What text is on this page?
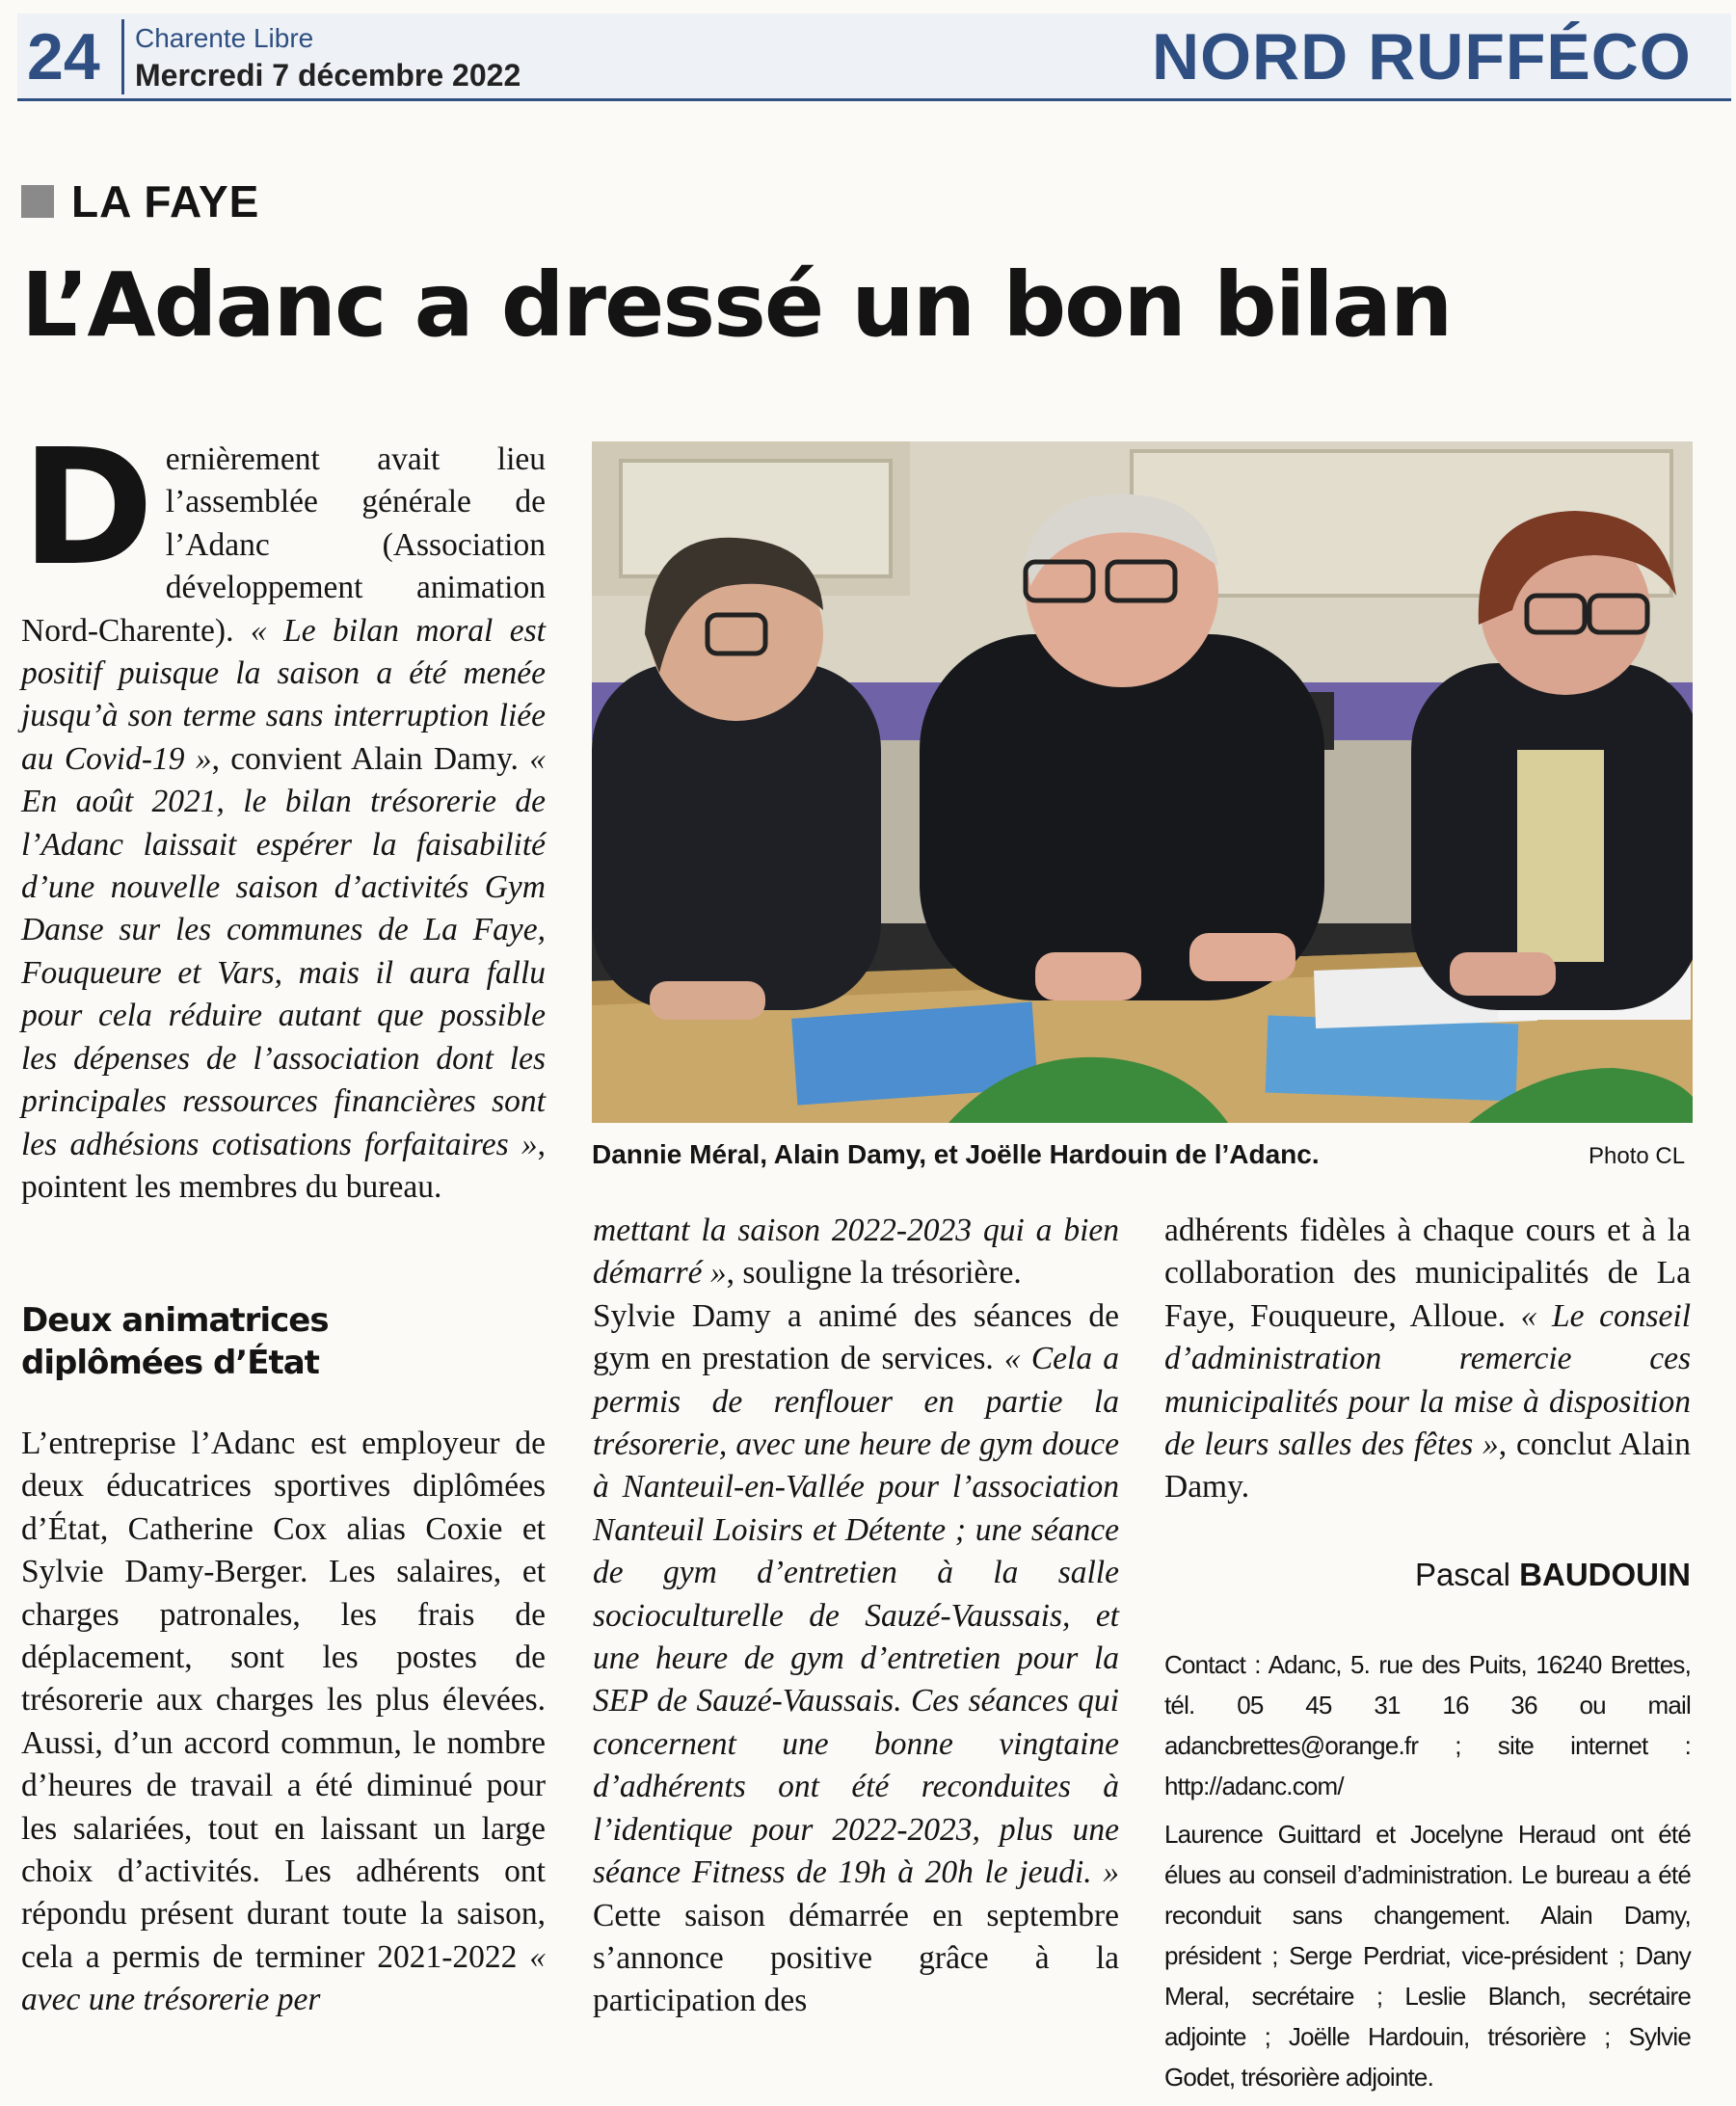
24 Charente Libre
Mercredi 7 décembre 2022	NORD RUFFÉCO
LA FAYE
L’Adanc a dressé un bon bilan

Dernièrement avait lieu l’assemblée générale de l’Adanc (Association développement animation Nord-Charente). « Le bilan moral est positif puisque la saison a été menée jusqu’à son terme sans interruption liée au Covid-19 », convient Alain Damy. « En août 2021, le bilan trésorerie de l’Adanc laissait espérer la faisabilité d’une nouvelle saison d’activités Gym Danse sur les communes de La Faye, Fouqueure et Vars, mais il aura fallu pour cela réduire autant que possible les dépenses de l’association dont les principales ressources financières sont les adhésions cotisations forfaitaires », pointent les membres du bureau.

Deux animatrices diplômées d’État

L’entreprise l’Adanc est employeur de deux éducatrices sportives diplômées d’État, Catherine Cox alias Coxie et Sylvie Damy-Berger. Les salaires, et charges patronales, les frais de déplacement, sont les postes de trésorerie aux charges les plus élevées. Aussi, d’un accord commun, le nombre d’heures de travail a été diminué pour les salariées, tout en laissant un large choix d’activités. Les adhérents ont répondu présent durant toute la saison, cela a permis de terminer 2021-2022 « avec une trésorerie per

mettant la saison 2022-2023 qui a bien démarré », souligne la trésorière.

Sylvie Damy a animé des séances de gym en prestation de services. « Cela a permis de renflouer en partie la trésorerie, avec une heure de gym douce à Nanteuil-en-Vallée pour l’association Nanteuil Loisirs et Détente ; une séance de gym d’entretien à la salle socioculturelle de Sauzé-Vaussais, et une heure de gym d’entretien pour la SEP de Sauzé-Vaussais. Ces séances qui concernent une bonne vingtaine d’adhérents ont été reconduites à l’identique pour 2022-2023, plus une séance Fitness de 19h à 20h le jeudi. » Cette saison démarrée en septembre s’annonce positive grâce à la participation des

adhérents fidèles à chaque cours et à la collaboration des municipalités de La Faye, Fouqueure, Alloue. « Le conseil d’administration remercie ces municipalités pour la mise à disposition de leurs salles des fêtes », conclut Alain Damy.

Pascal BAUDOUIN
Contact : Adanc, 5. rue des Puits, 16240 Brettes, tél. 05 45 31 16 36 ou mail adancbrettes@orange.fr ; site internet : http://adanc.com/
Laurence Guittard et Jocelyne Heraud ont été élues au conseil d’administration. Le bureau a été reconduit sans changement. Alain Damy, président ; Serge Perdriat, vice-président ; Dany Meral, secrétaire ; Leslie Blanch, secrétaire adjointe ; Joëlle Hardouin, trésorière ; Sylvie Godet, trésorière adjointe.
Dannie Méral, Alain Damy, et Joëlle Hardouin de l’Adanc.	Photo CL
